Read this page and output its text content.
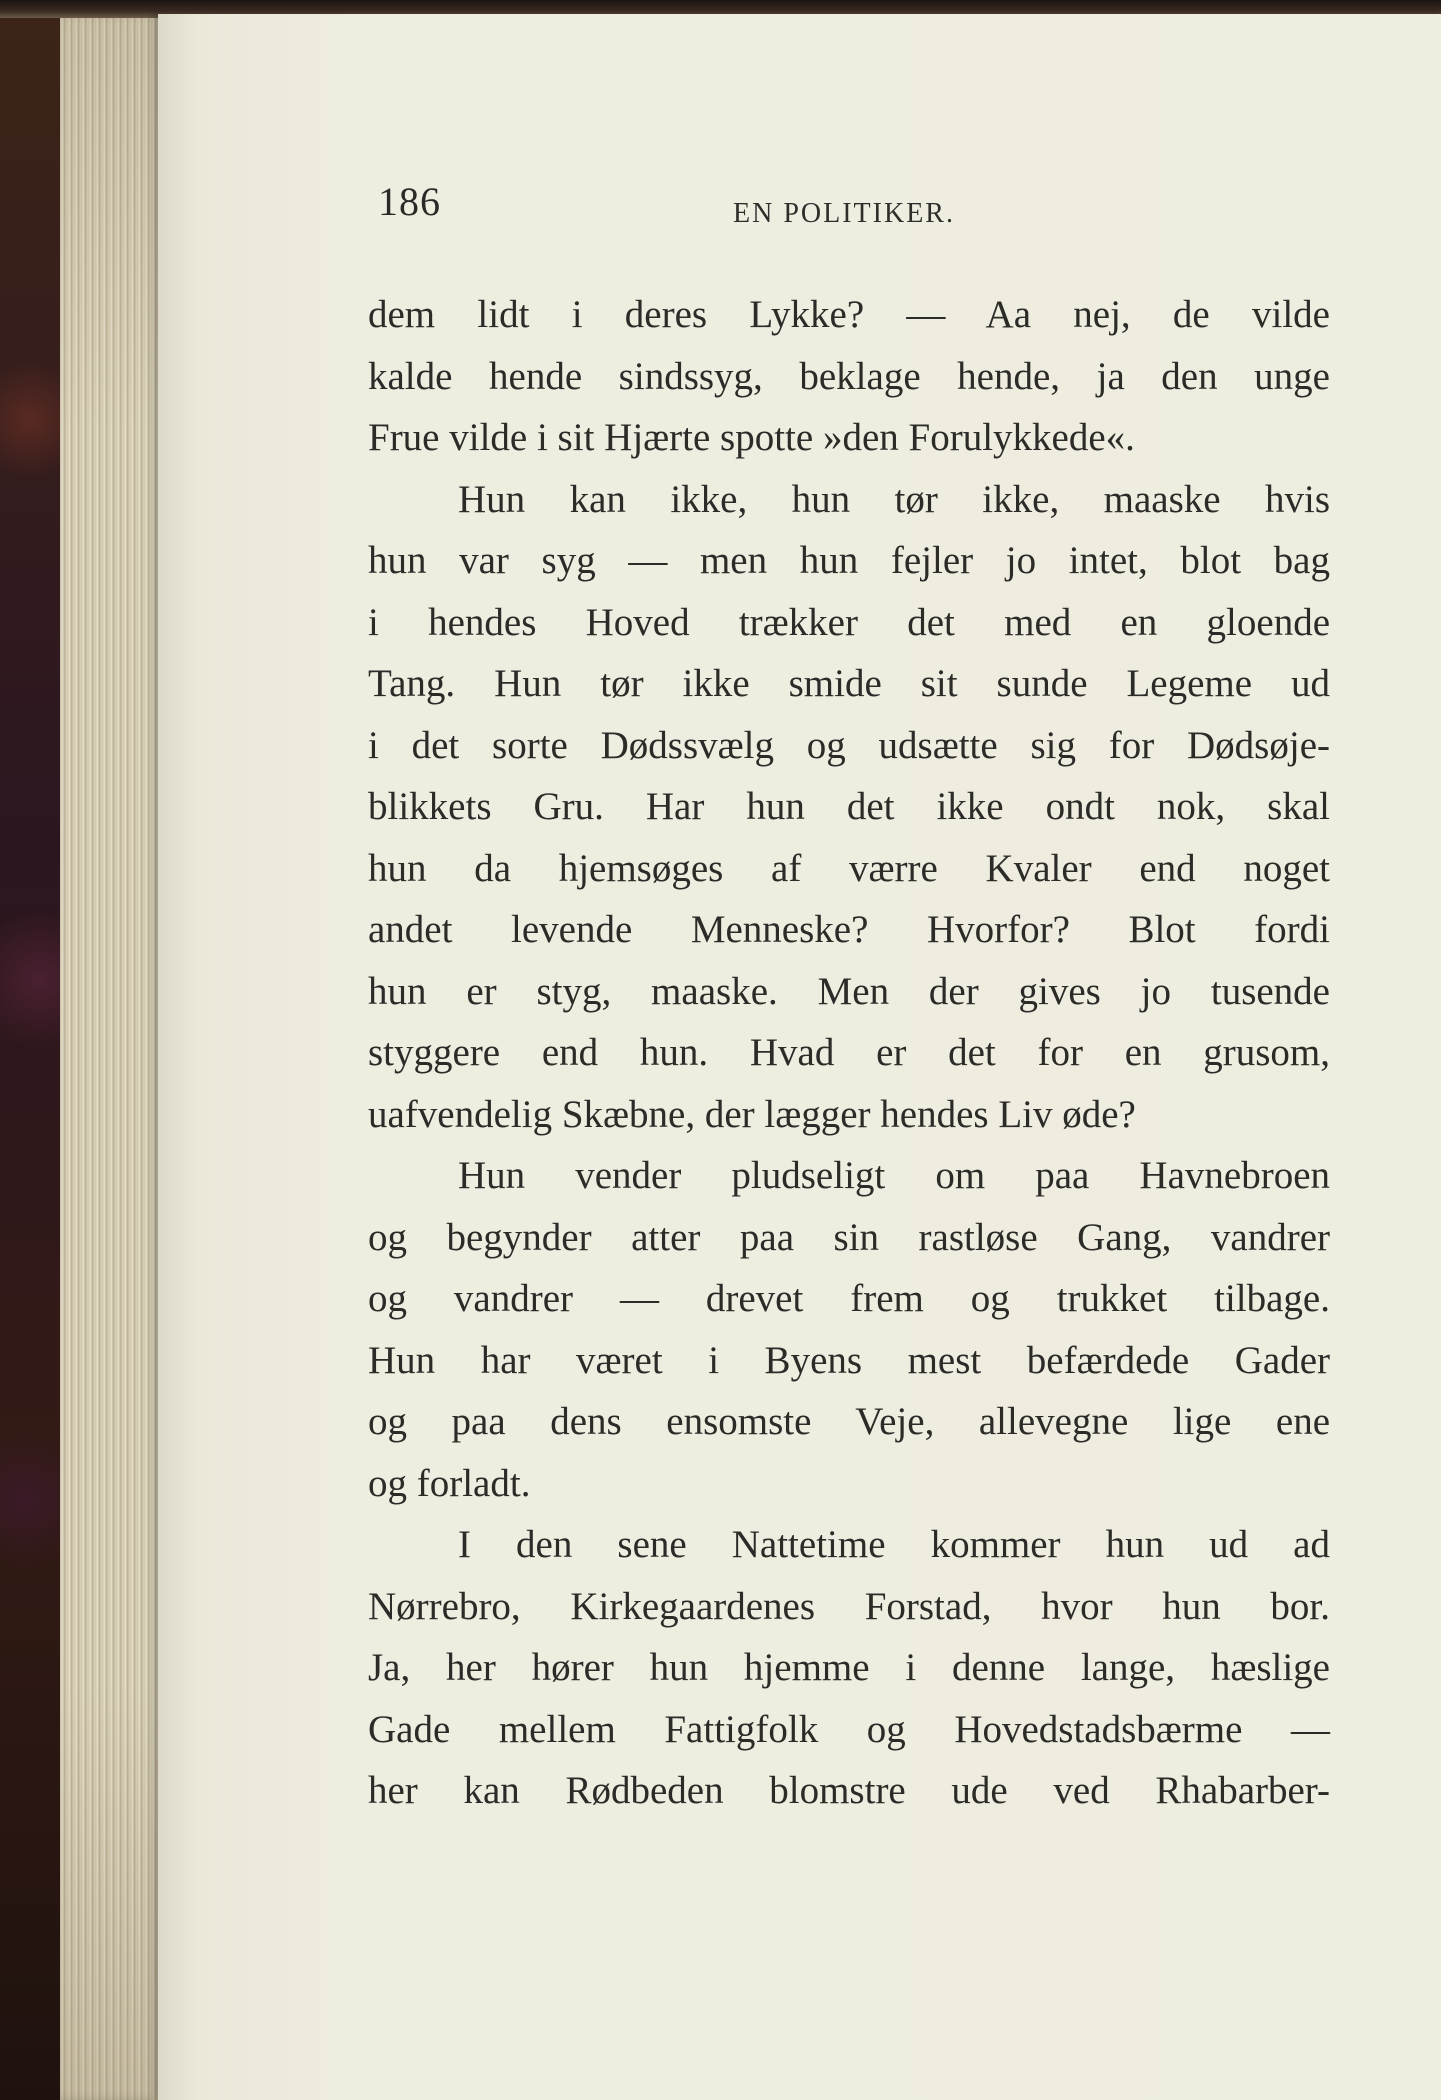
186	EN POLITIKER.
dem lidt i deres Lykke? — Aa nej, de vilde
kalde hende sindssyg, beklage hende, ja den unge
Frue vilde i sit Hjærte spotte »den Forulykkede«.
Hun kan ikke, hun tør ikke, maaske hvis
hun var syg — men hun fejler jo intet, blot bag
i hendes Hoved trækker det med en gloende
Tang. Hun tør ikke smide sit sunde Legeme ud
i det sorte Dødssvælg og udsætte sig for Dødsøje-
blikkets Gru. Har hun det ikke ondt nok, skal
hun da hjemsøges af værre Kvaler end noget
andet levende Menneske? Hvorfor? Blot fordi
hun er styg, maaske. Men der gives jo tusende
styggere end hun. Hvad er det for en grusom,
uafvendelig Skæbne, der lægger hendes Liv øde?
Hun vender pludseligt om paa Havnebroen
og begynder atter paa sin rastløse Gang, vandrer
og vandrer — drevet frem og trukket tilbage.
Hun har været i Byens mest befærdede Gader
og paa dens ensomste Veje, allevegne lige ene
og forladt.
I den sene Nattetime kommer hun ud ad
Nørrebro, Kirkegaardenes Forstad, hvor hun bor.
Ja, her hører hun hjemme i denne lange, hæslige
Gade mellem Fattigfolk og Hovedstadsbærme —
her kan Rødbeden blomstre ude ved Rhabarber-
